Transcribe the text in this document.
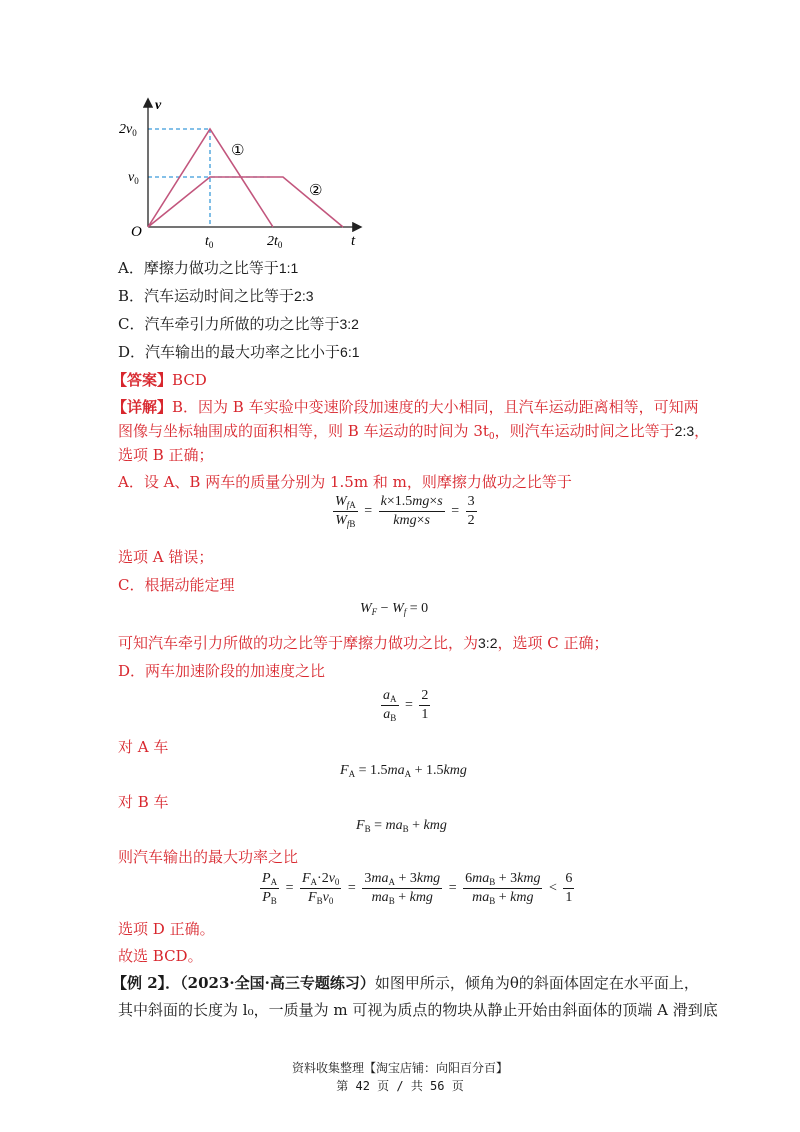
v
$2v_0$
$v_0$
O
$t_0$	$2t_0$	t
①
②
A．摩擦力做功之比等于1:1
B．汽车运动时间之比等于2:3
C．汽车牵引力所做的功之比等于3:2
D．汽车输出的最大功率之比小于6:1
【答案】BCD
【详解】B．因为 B 车实验中变速阶段加速度的大小相同，且汽车运动距离相等，可知两
图像与坐标轴围成的面积相等，则 B 车运动的时间为 $3t_0$，则汽车运动时间之比等于2:3，
选项 B 正确；
A．设 A、B 两车的质量分别为 1.5m 和 m，则摩擦力做功之比等于
$\frac{W_{fA}}{W_{fB}} = \frac{k\times 1.5mg\times s}{\text{kmg×s}} = \frac{3}{2}$
选项 A 错误；
C．根据动能定理
$W_F - W_f = 0$
可知汽车牵引力所做的功之比等于摩擦力做功之比，为3:2，选项 C 正确；
D．两车加速阶段的加速度之比
$\frac{a_A}{a_B} = \frac{2}{1}$
对 A 车
$F_A = 1.5ma_A + 1.5kmg$
对 B 车
$F_B = ma_B$ + kmg
则汽车输出的最大功率之比
$\frac{P_A}{P_B} = \frac{F_A\cdot 2v_0}{F_Bv_0} = \frac{3ma_A + 3kmg}{ma_B + kmg} = \frac{6ma_B + 3kmg}{ma_B + kmg} < \frac{6}{1}$
选项 D 正确。
故选 BCD。
【例 2】．（2023·全国·高三专题练习）如图甲所示，倾角为θ的斜面体固定在水平面上，
其中斜面的长度为 l₀，一质量为 m 可视为质点的物块从静止开始由斜面体的顶端 A 滑到底
资料收集整理【淘宝店铺：向阳百分百】
第 42 页 / 共 56 页
